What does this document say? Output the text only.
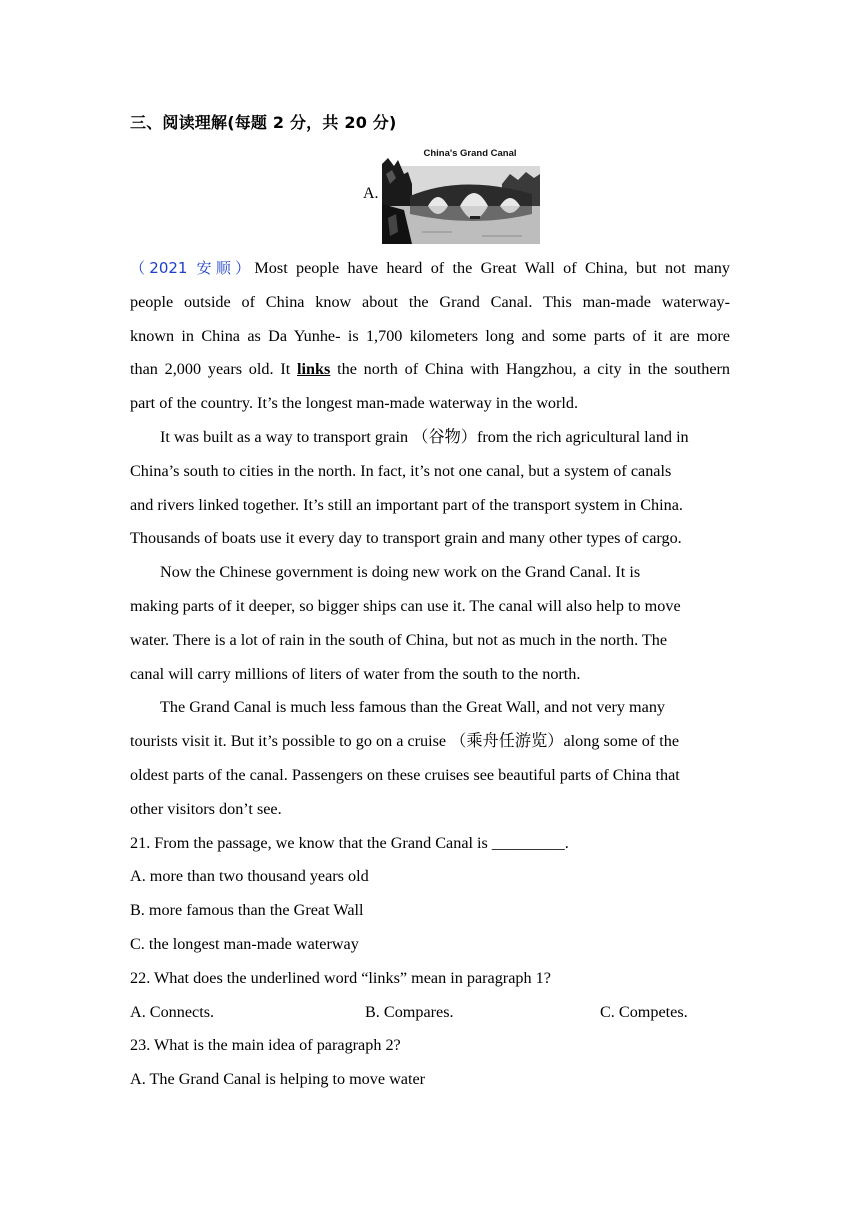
三、阅读理解(每题 2 分，共 20 分)
A.
China's Grand Canal
（2021 安顺）Most people have heard of the Great Wall of China, but not many
people outside of China know about the Grand Canal. This man-made waterway-
known in China as Da Yunhe- is 1,700 kilometers long and some parts of it are more
than 2,000 years old. It links the north of China with Hangzhou, a city in the southern
part of the country. It’s the longest man-made waterway in the world.
It was built as a way to transport grain （谷物）from the rich agricultural land in
China’s south to cities in the north. In fact, it’s not one canal, but a system of canals
and rivers linked together. It’s still an important part of the transport system in China.
Thousands of boats use it every day to transport grain and many other types of cargo.
Now the Chinese government is doing new work on the Grand Canal. It is
making parts of it deeper, so bigger ships can use it. The canal will also help to move
water. There is a lot of rain in the south of China, but not as much in the north. The
canal will carry millions of liters of water from the south to the north.
The Grand Canal is much less famous than the Great Wall, and not very many
tourists visit it. But it’s possible to go on a cruise （乘舟任游览）along some of the
oldest parts of the canal. Passengers on these cruises see beautiful parts of China that
other visitors don’t see.
21. From the passage, we know that the Grand Canal is _________.
A. more than two thousand years old
B. more famous than the Great Wall
C. the longest man-made waterway
22. What does the underlined word “links” mean in paragraph 1?
A. Connects.	B. Compares.	C. Competes.
23. What is the main idea of paragraph 2?
A. The Grand Canal is helping to move water
